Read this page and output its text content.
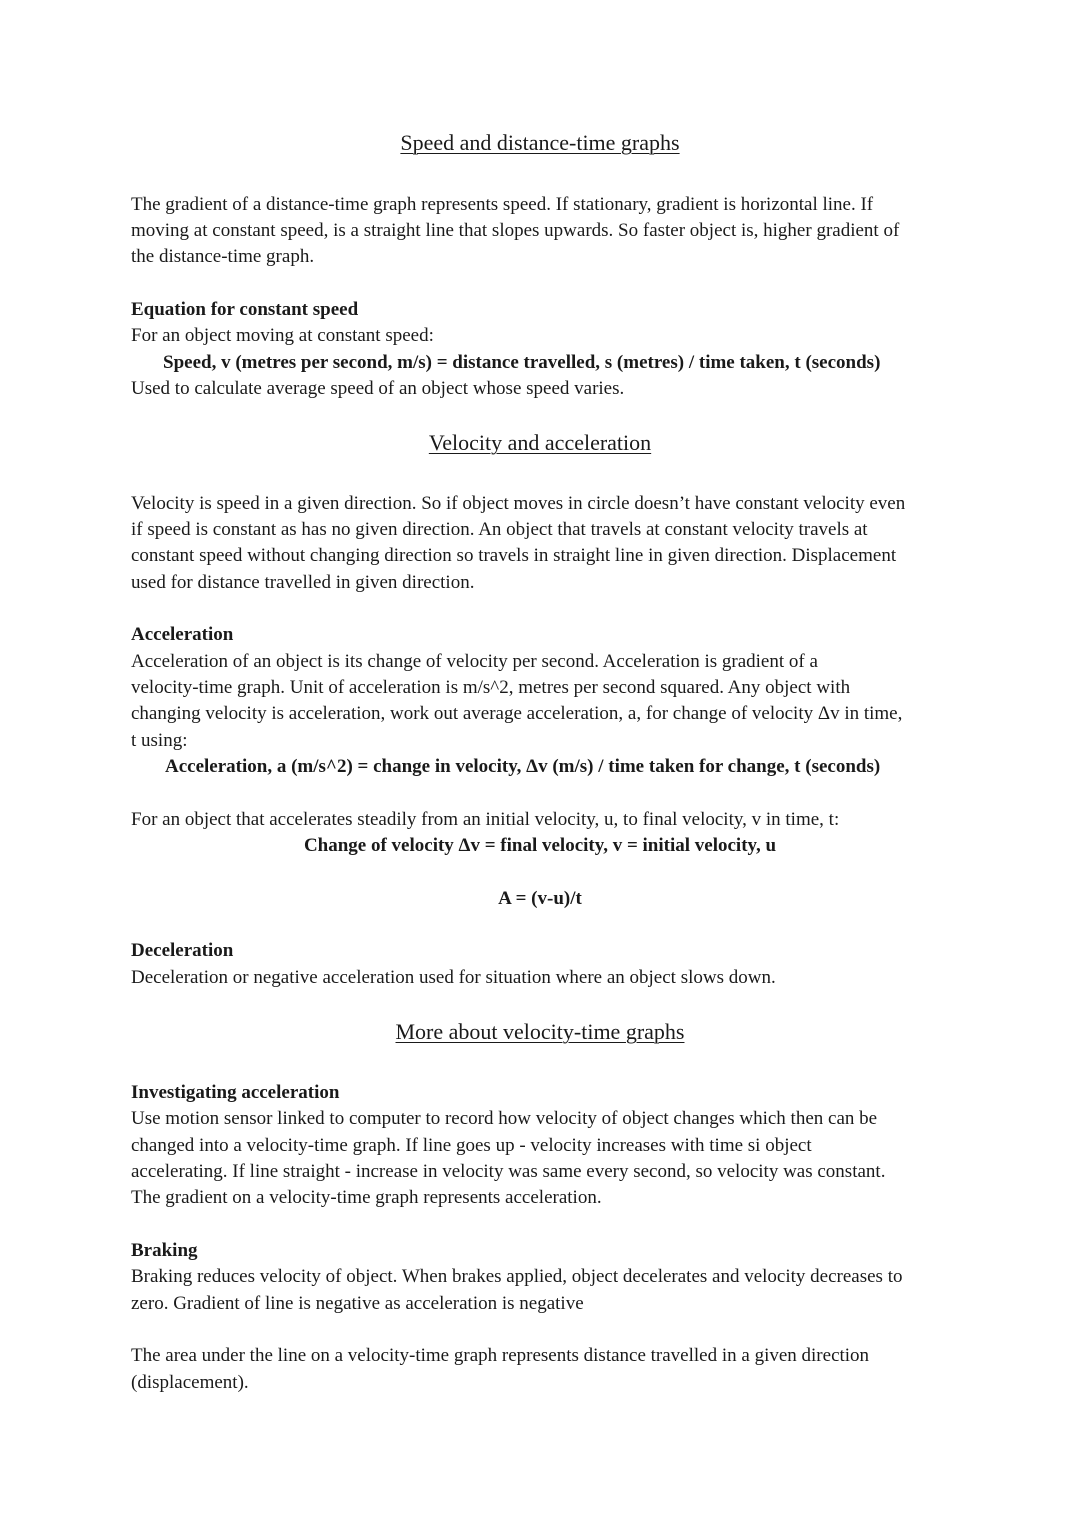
Speed and distance-time graphs
The gradient of a distance-time graph represents speed. If stationary, gradient is horizontal line. If
moving at constant speed, is a straight line that slopes upwards. So faster object is, higher gradient of
the distance-time graph.
Equation for constant speed
For an object moving at constant speed:
Speed, v (metres per second, m/s) = distance travelled, s (metres) / time taken, t (seconds)
Used to calculate average speed of an object whose speed varies.
Velocity and acceleration
Velocity is speed in a given direction. So if object moves in circle doesn’t have constant velocity even
if speed is constant as has no given direction. An object that travels at constant velocity travels at
constant speed without changing direction so travels in straight line in given direction. Displacement
used for distance travelled in given direction.
Acceleration
Acceleration of an object is its change of velocity per second. Acceleration is gradient of a
velocity-time graph. Unit of acceleration is m/s^2, metres per second squared. Any object with
changing velocity is acceleration, work out average acceleration, a, for change of velocity Δv in time,
t using:
Acceleration, a (m/s^2) = change in velocity, Δv (m/s) / time taken for change, t (seconds)
For an object that accelerates steadily from an initial velocity, u, to final velocity, v in time, t:
Change of velocity Δv = final velocity, v = initial velocity, u
A = (v-u)/t
Deceleration
Deceleration or negative acceleration used for situation where an object slows down.
More about velocity-time graphs
Investigating acceleration
Use motion sensor linked to computer to record how velocity of object changes which then can be
changed into a velocity-time graph. If line goes up - velocity increases with time si object
accelerating. If line straight - increase in velocity was same every second, so velocity was constant.
The gradient on a velocity-time graph represents acceleration.
Braking
Braking reduces velocity of object. When brakes applied, object decelerates and velocity decreases to
zero. Gradient of line is negative as acceleration is negative
The area under the line on a velocity-time graph represents distance travelled in a given direction
(displacement).
